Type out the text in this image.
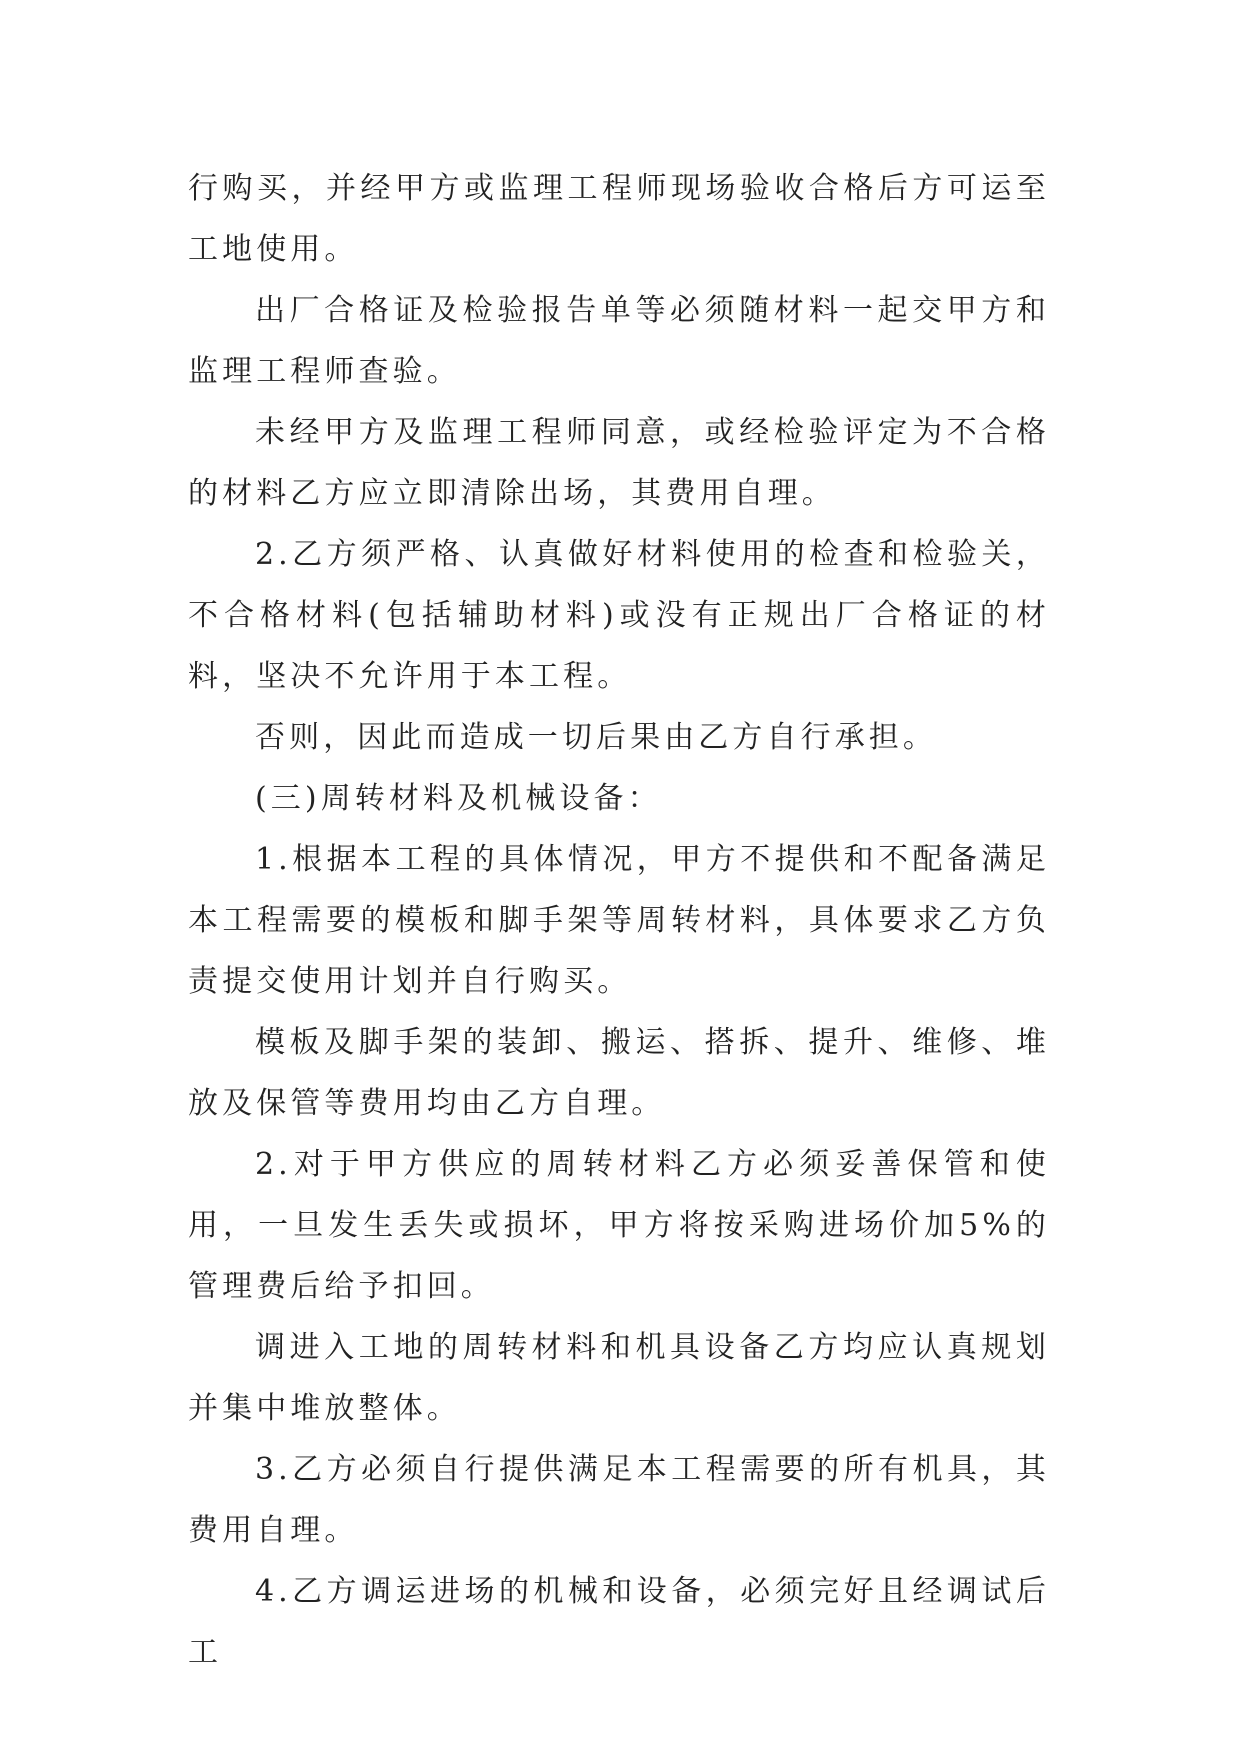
行购买，并经甲方或监理工程师现场验收合格后方可运至工地使用。

出厂合格证及检验报告单等必须随材料一起交甲方和监理工程师查验。

未经甲方及监理工程师同意，或经检验评定为不合格的材料乙方应立即清除出场，其费用自理。

2.乙方须严格、认真做好材料使用的检查和检验关，不合格材料(包括辅助材料)或没有正规出厂合格证的材料，坚决不允许用于本工程。

否则，因此而造成一切后果由乙方自行承担。

(三)周转材料及机械设备：

1.根据本工程的具体情况，甲方不提供和不配备满足本工程需要的模板和脚手架等周转材料，具体要求乙方负责提交使用计划并自行购买。

模板及脚手架的装卸、搬运、搭拆、提升、维修、堆放及保管等费用均由乙方自理。

2.对于甲方供应的周转材料乙方必须妥善保管和使用，一旦发生丢失或损坏，甲方将按采购进场价加5%的管理费后给予扣回。

调进入工地的周转材料和机具设备乙方均应认真规划并集中堆放整体。

3.乙方必须自行提供满足本工程需要的所有机具，其费用自理。

4.乙方调运进场的机械和设备，必须完好且经调试后工
